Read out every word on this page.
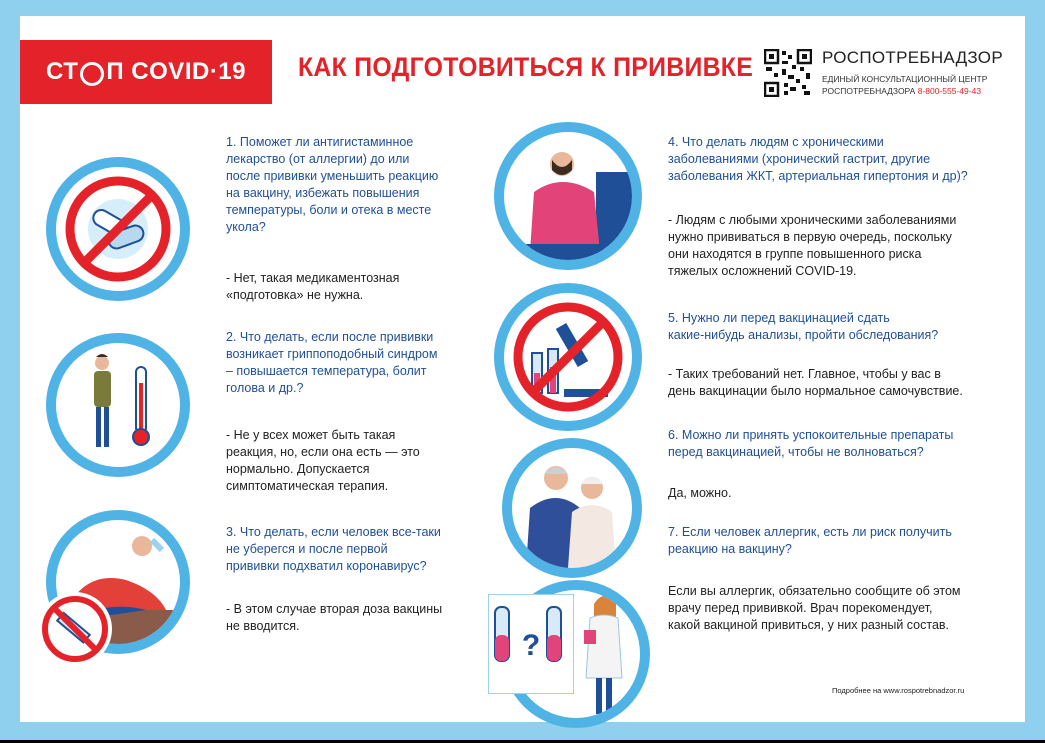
СТ П COVID·19 КАК ПОДГОТОВИТЬСЯ К ПРИВИВКЕ	РОСПОТРЕБНАДЗОР
ЕДИНЫЙ КОНСУЛЬТАЦИОННЫЙ ЦЕНТР
РОСПОТРЕБНАДЗОРА 8-800-555-49-43
?
1. Поможет ли антигистаминное
лекарство (от аллергии) до или
после прививки уменьшить реакцию
на вакцину, избежать повышения
температуры, боли и отека в месте
укола?
- Нет, такая медикаментозная
«подготовка» не нужна.
2. Что делать, если после прививки
возникает гриппоподобный синдром
– повышается температура, болит
голова и др.?
- Не у всех может быть такая
реакция, но, если она есть — это
нормально. Допускается
симптоматическая терапия.
3. Что делать, если человек все-таки
не уберегся и после первой
прививки подхватил коронавирус?
- В этом случае вторая доза вакцины
не вводится.
4. Что делать людям с хроническими
заболеваниями (хронический гастрит, другие
заболевания ЖКТ, артериальная гипертония и др)?
- Людям с любыми хроническими заболеваниями
нужно прививаться в первую очередь, поскольку
они находятся в группе повышенного риска
тяжелых осложнений COVID-19.
5. Нужно ли перед вакцинацией сдать
какие-нибудь анализы, пройти обследования?
- Таких требований нет. Главное, чтобы у вас в
день вакцинации было нормальное самочувствие.
6. Можно ли принять успокоительные препараты
перед вакцинацией, чтобы не волноваться?
Да, можно.
7. Если человек аллергик, есть ли риск получить
реакцию на вакцину?
Если вы аллергик, обязательно сообщите об этом
врачу перед прививкой. Врач порекомендует,
какой вакциной привиться, у них разный состав.
Подробнее на www.rospotrebnadzor.ru
